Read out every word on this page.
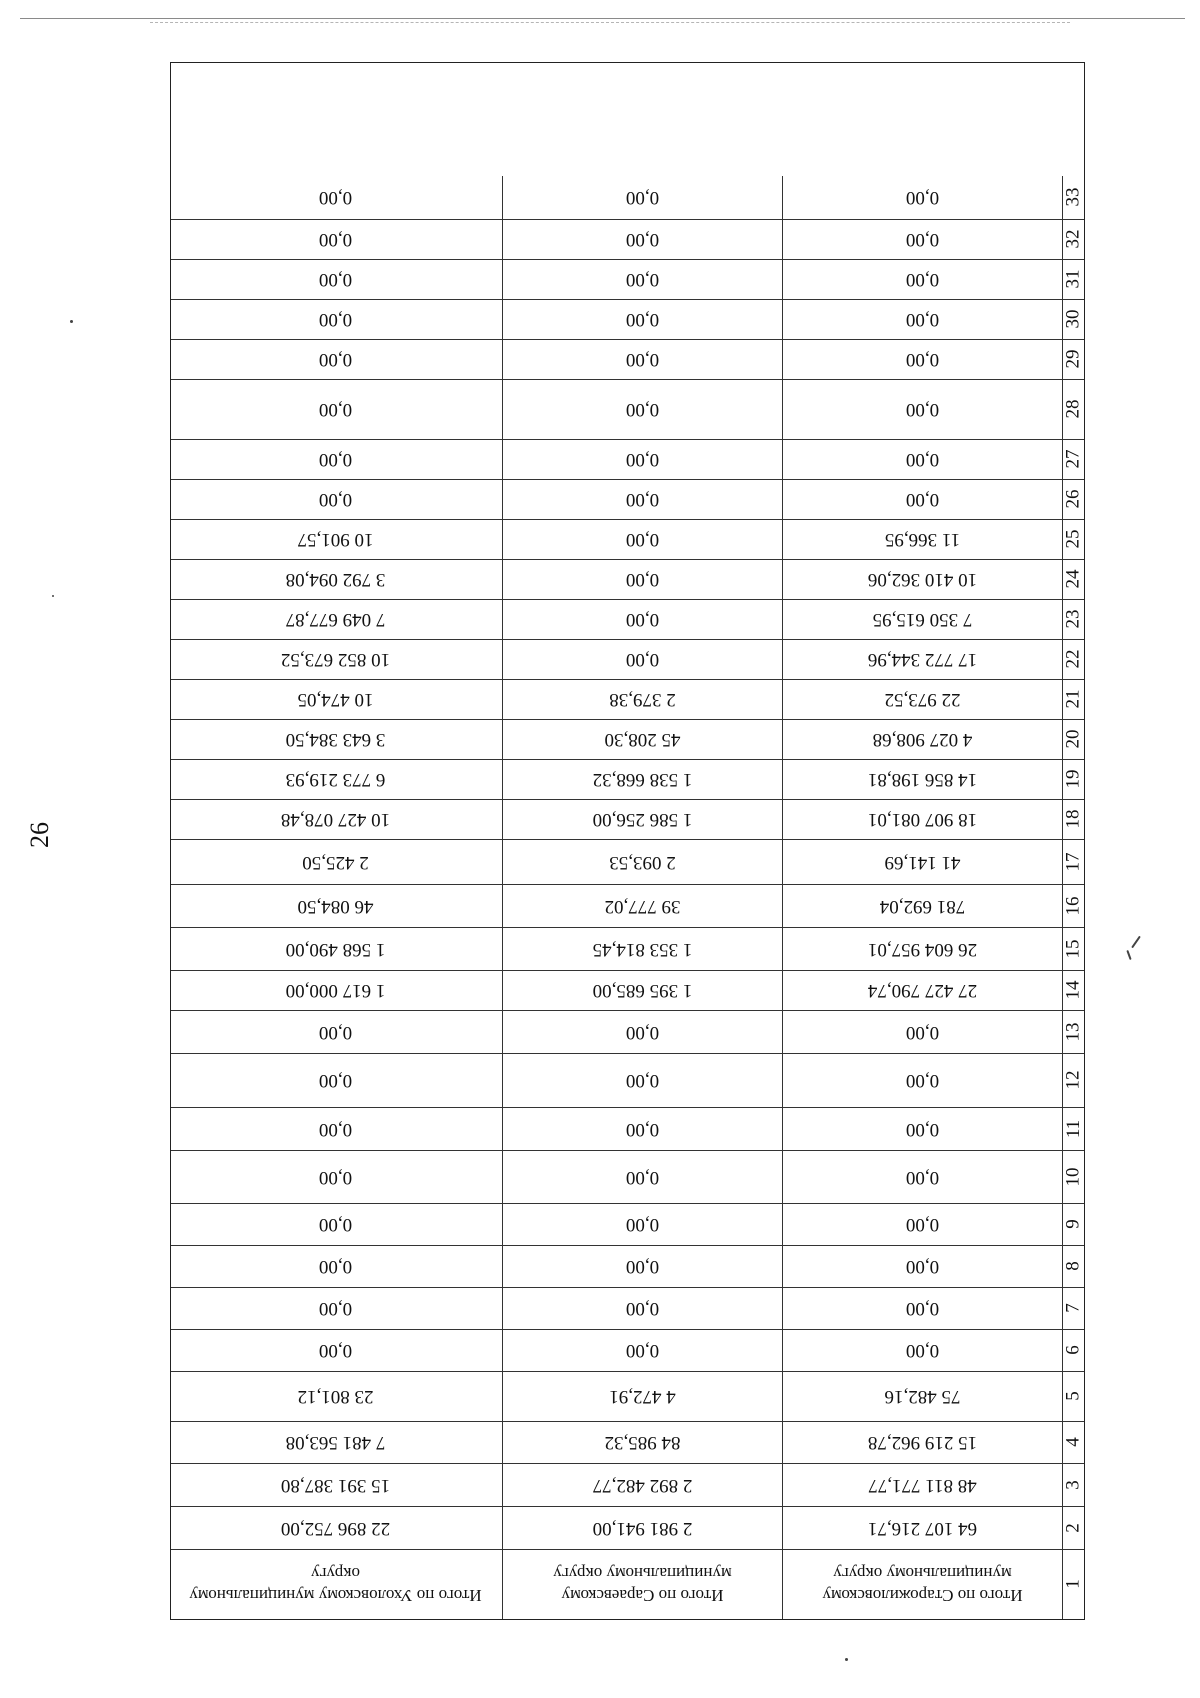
26
1
Итого по Старожиловскому муниципальному округу
Итого по Сараевскому муниципальному округу
Итого по Ухоловскому муниципальному округу
2
64 107 216,71
2 981 941,00
22 896 752,00
3
48 811 771,77
2 892 482,77
15 391 387,80
4
15 219 962,78
84 985,32
7 481 563,08
5
75 482,16
4 472,91
23 801,12
6
0,00
0,00
0,00
7
0,00
0,00
0,00
8
0,00
0,00
0,00
9
0,00
0,00
0,00
10
0,00
0,00
0,00
11
0,00
0,00
0,00
12
0,00
0,00
0,00
13
0,00
0,00
0,00
14
27 427 790,74
1 395 685,00
1 617 000,00
15
26 604 957,01
1 353 814,45
1 568 490,00
16
781 692,04
39 777,02
46 084,50
17
41 141,69
2 093,53
2 425,50
18
18 907 081,01
1 586 256,00
10 427 078,48
19
14 856 198,81
1 538 668,32
6 773 219,93
20
4 027 908,68
45 208,30
3 643 384,50
21
22 973,52
2 379,38
10 474,05
22
17 772 344,96
0,00
10 852 673,52
23
7 350 615,95
0,00
7 049 677,87
24
10 410 362,06
0,00
3 792 094,08
25
11 366,95
0,00
10 901,57
26
0,00
0,00
0,00
27
0,00
0,00
0,00
28
0,00
0,00
0,00
29
0,00
0,00
0,00
30
0,00
0,00
0,00
31
0,00
0,00
0,00
32
0,00
0,00
0,00
33
0,00
0,00
0,00
